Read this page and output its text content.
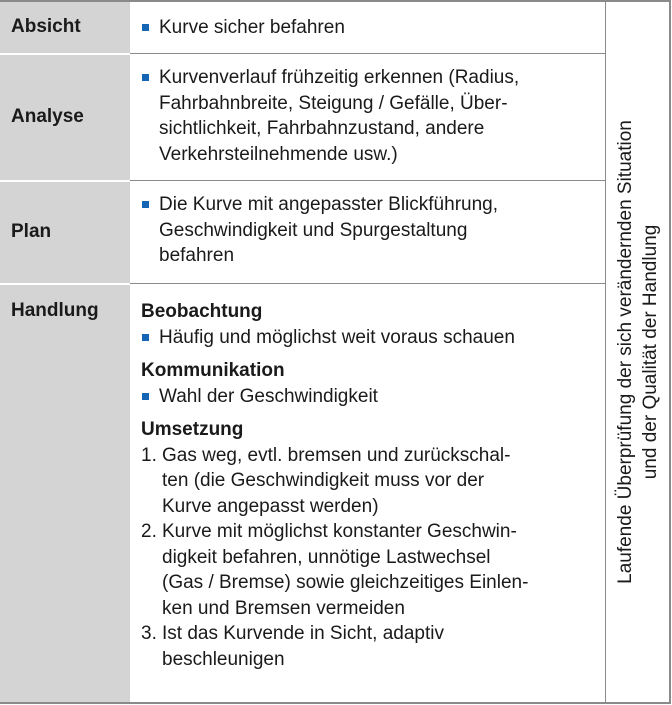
Absicht	Kurve sicher befahren
Analyse
Kurvenverlauf frühzeitig erkennen (Radius,
Fahrbahnbreite, Steigung / Gefälle, Über-
sichtlichkeit, Fahrbahnzustand, andere
Verkehrsteilnehmende usw.)
Plan
Die Kurve mit angepasster Blickführung,
Geschwindigkeit und Spurgestaltung
befahren
Handlung Beobachtung
Häufig und möglichst weit voraus schauen
Kommunikation
Wahl der Geschwindigkeit
Umsetzung
1. Gas weg, evtl. bremsen und zurückschal-
ten (die Geschwindigkeit muss vor der
Kurve angepasst werden)
2. Kurve mit möglichst konstanter Geschwin-
digkeit befahren, unnötige Lastwechsel
(Gas / Bremse) sowie gleichzeitiges Einlen-
ken und Bremsen vermeiden
3. Ist das Kurvende in Sicht, adaptiv
beschleunigen
Laufende Überprüfung der sich verändernden Situation und der Qualität der Handlung
